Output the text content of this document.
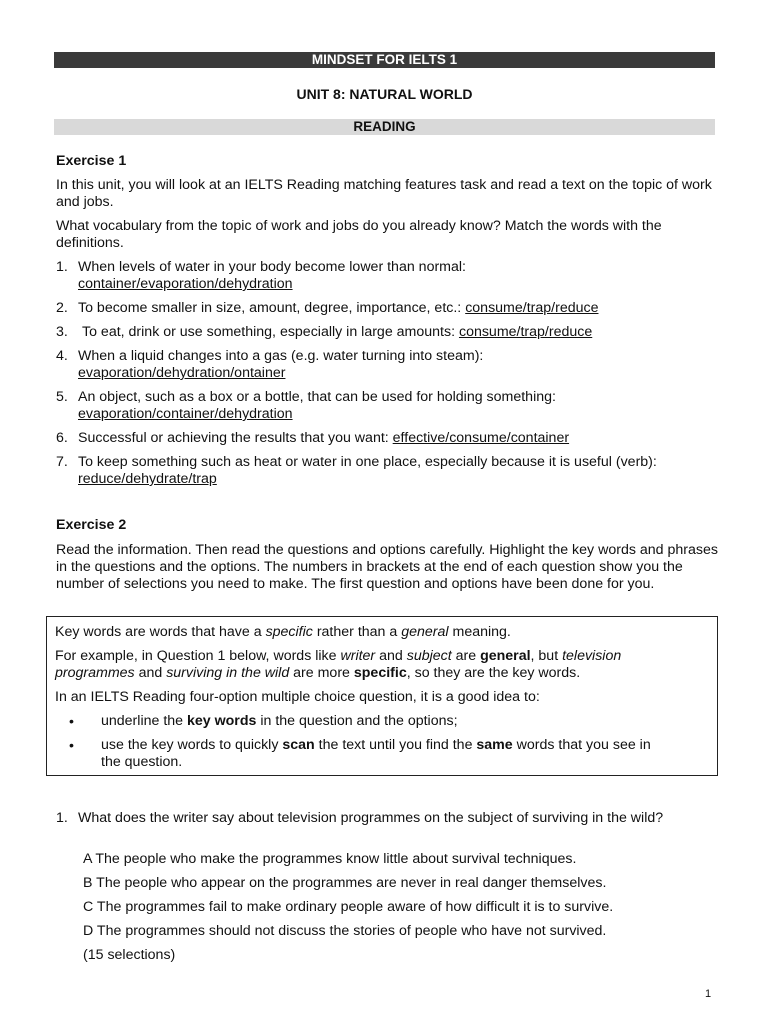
MINDSET FOR IELTS 1
UNIT 8: NATURAL WORLD
READING
Exercise 1

In this unit, you will look at an IELTS Reading matching features task and read a text on the topic of work and jobs.

What vocabulary from the topic of work and jobs do you already know? Match the words with the definitions.

1. When levels of water in your body become lower than normal:
container/evaporation/dehydration
2. To become smaller in size, amount, degree, importance, etc.: consume/trap/reduce
3. To eat, drink or use something, especially in large amounts: consume/trap/reduce
4. When a liquid changes into a gas (e.g. water turning into steam):
evaporation/dehydration/ontainer
5. An object, such as a box or a bottle, that can be used for holding something:
evaporation/container/dehydration
6. Successful or achieving the results that you want: effective/consume/container
7. To keep something such as heat or water in one place, especially because it is useful (verb):
reduce/dehydrate/trap
Exercise 2

Read the information. Then read the questions and options carefully. Highlight the key words and phrases in the questions and the options. The numbers in brackets at the end of each question show you the number of selections you need to make. The first question and options have been done for you.

Key words are words that have a specific rather than a general meaning.

For example, in Question 1 below, words like writer and subject are general, but television
programmes and surviving in the wild are more specific, so they are the key words.

In an IELTS Reading four-option multiple choice question, it is a good idea to:

• underline the key words in the question and the options;

• use the key words to quickly scan the text until you find the same words that you see in
the question.

1. What does the writer say about television programmes on the subject of surviving in the wild?

A The people who make the programmes know little about survival techniques.

B The people who appear on the programmes are never in real danger themselves.

C The programmes fail to make ordinary people aware of how difficult it is to survive.

D The programmes should not discuss the stories of people who have not survived.

(15 selections)

1
